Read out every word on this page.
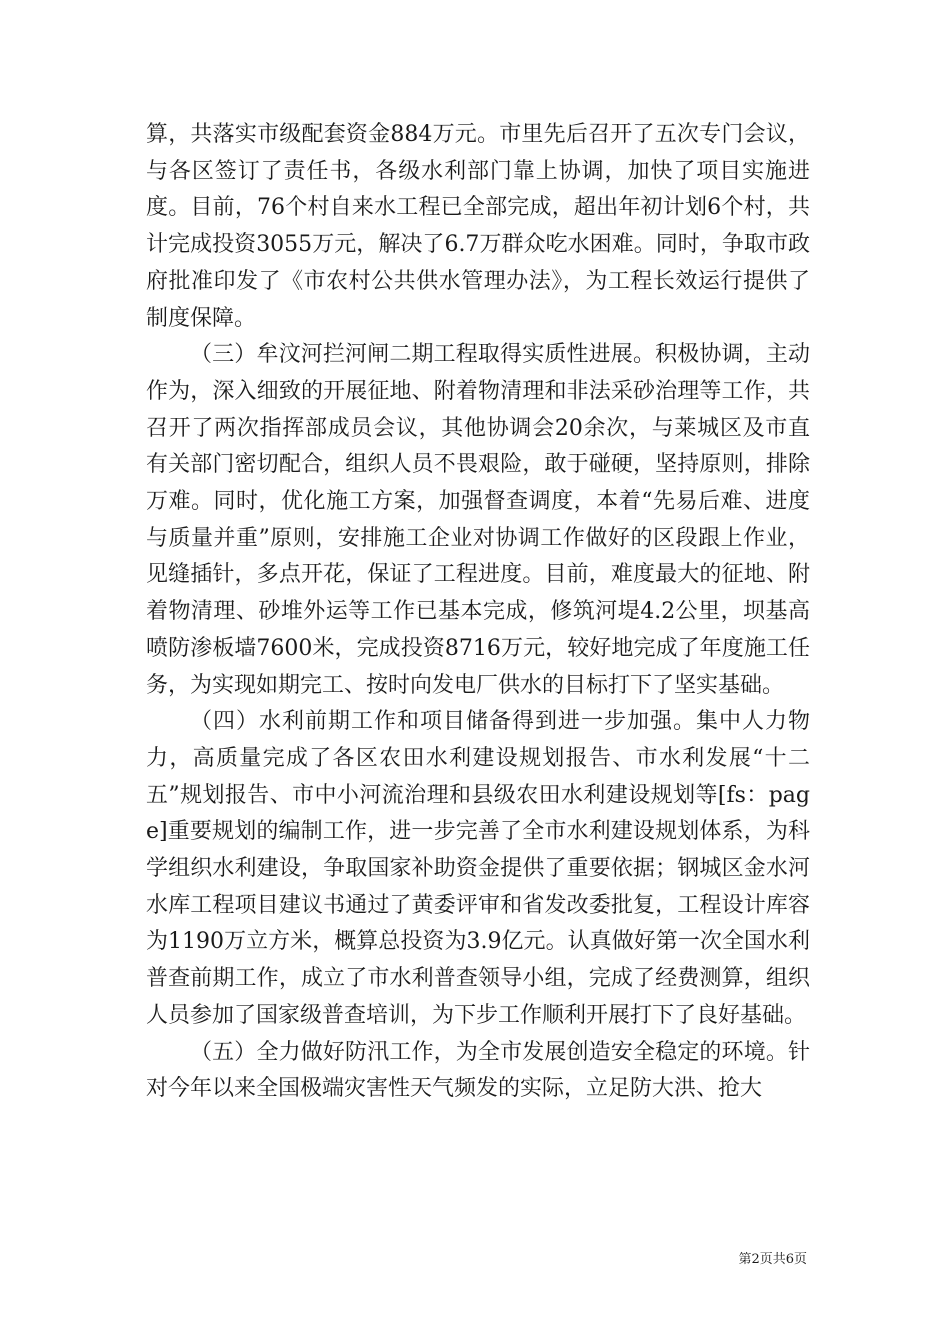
算，共落实市级配套资金884万元。市里先后召开了五次专门会议，与各区签订了责任书，各级水利部门靠上协调，加快了项目实施进度。目前，76个村自来水工程已全部完成，超出年初计划6个村，共计完成投资3055万元，解决了6.7万群众吃水困难。同时，争取市政府批准印发了《市农村公共供水管理办法》，为工程长效运行提供了制度保障。

（三）牟汶河拦河闸二期工程取得实质性进展。积极协调，主动作为，深入细致的开展征地、附着物清理和非法采砂治理等工作，共召开了两次指挥部成员会议，其他协调会20余次，与莱城区及市直有关部门密切配合，组织人员不畏艰险，敢于碰硬，坚持原则，排除万难。同时，优化施工方案，加强督查调度，本着“先易后难、进度与质量并重”原则，安排施工企业对协调工作做好的区段跟上作业，见缝插针，多点开花，保证了工程进度。目前，难度最大的征地、附着物清理、砂堆外运等工作已基本完成，修筑河堤4.2公里，坝基高喷防渗板墙7600米，完成投资8716万元，较好地完成了年度施工任务，为实现如期完工、按时向发电厂供水的目标打下了坚实基础。

（四）水利前期工作和项目储备得到进一步加强。集中人力物力，高质量完成了各区农田水利建设规划报告、市水利发展“十二五”规划报告、市中小河流治理和县级农田水利建设规划等[fs：page]重要规划的编制工作，进一步完善了全市水利建设规划体系，为科学组织水利建设，争取国家补助资金提供了重要依据；钢城区金水河水库工程项目建议书通过了黄委评审和省发改委批复，工程设计库容为1190万立方米，概算总投资为3.9亿元。认真做好第一次全国水利普查前期工作，成立了市水利普查领导小组，完成了经费测算，组织人员参加了国家级普查培训，为下步工作顺利开展打下了良好基础。

（五）全力做好防汛工作，为全市发展创造安全稳定的环境。针对今年以来全国极端灾害性天气频发的实际，立足防大洪、抢大

第2页共6页
